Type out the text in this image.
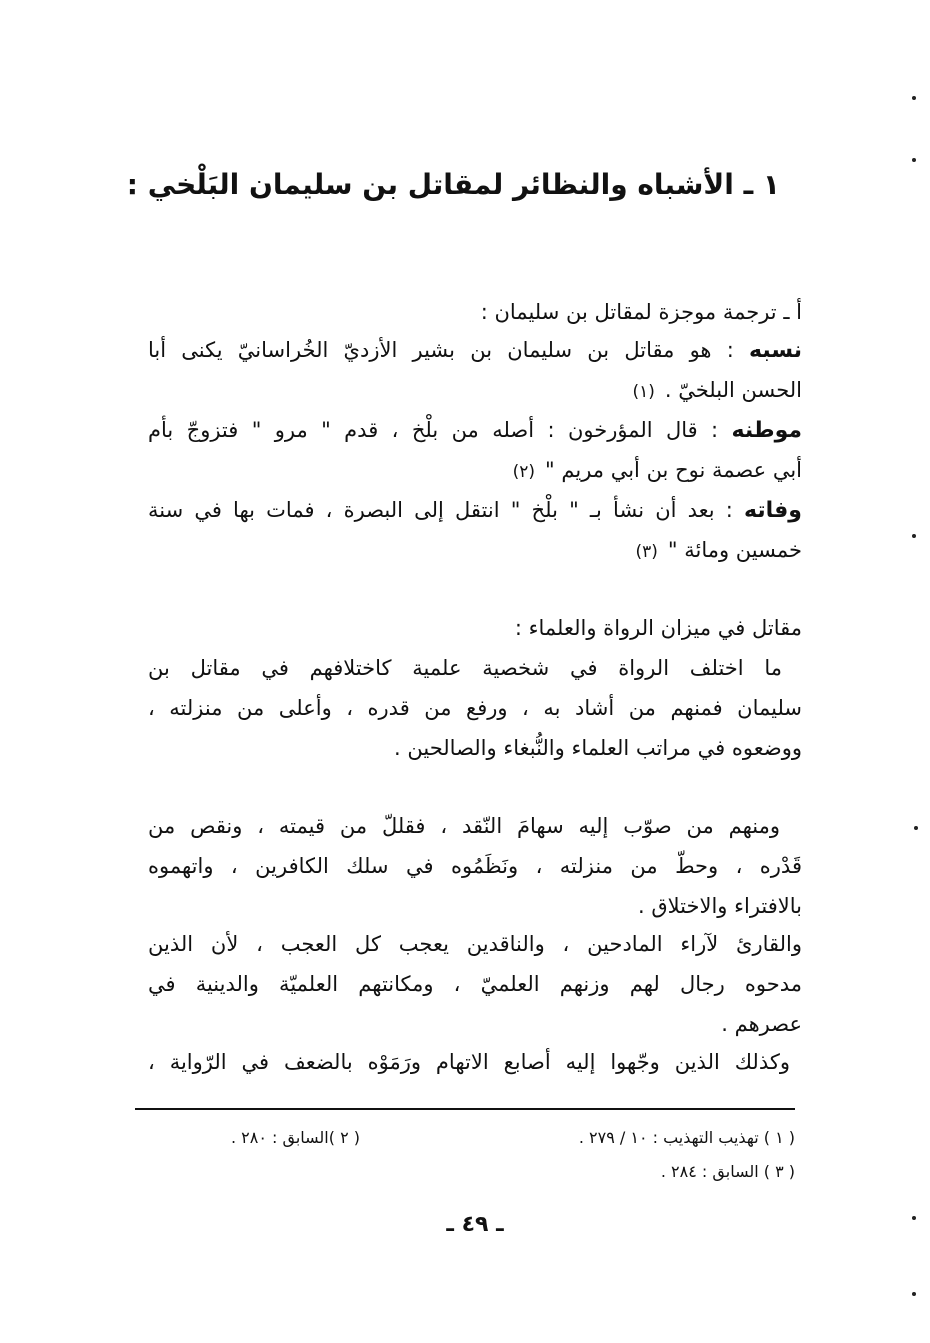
١ ـ الأشباه والنظائر لمقاتل بن سليمان البَلْخي :
أ ـ ترجمة موجزة لمقاتل بن سليمان :
نسبه : هو مقاتل بن سليمان بن بشير الأزديّ الخُراسانيّ يكنى أبا
الحسن البلخيّ .(١)
موطنه : قال المؤرخون : أصله من بلْخ ، قدم " مرو " فتزوجّ بأم
أبي عصمة نوح بن أبي مريم "(٢)
وفاته : بعد أن نشأ بـ " بلْخ " انتقل إلى البصرة ، فمات بها في سنة
خمسين ومائة "(٣)
مقاتل في ميزان الرواة والعلماء :
ما اختلف الرواة في شخصية علمية كاختلافهم في مقاتل بن
سليمان فمنهم من أشاد به ، ورفع من قدره ، وأعلى من منزلته ،
ووضعوه في مراتب العلماء والنُّبغاء والصالحين .
ومنهم من صوّب إليه سهامَ النّقد ، فقللّ من قيمته ، ونقص من
قَدْره ، وحطّ من منزلته ، ونَظَمُوه في سلك الكافرين ، واتهموه
بالافتراء والاختلاق .
والقارئ لآراء المادحين ، والناقدين يعجب كل العجب ، لأن الذين
مدحوه رجال لهم وزنهم العلميّ ، ومكانتهم العلميّة والدينية في
عصرهم .
وكذلك الذين وجّهوا إليه أصابع الاتهام ورَمَوْه بالضعف في الرّواية ،
( ١ ) تهذيب التهذيب : ١٠ / ٢٧٩ .
( ٢ )السابق : ٢٨٠ .
( ٣ ) السابق : ٢٨٤ .
ـ ٤٩ ـ
